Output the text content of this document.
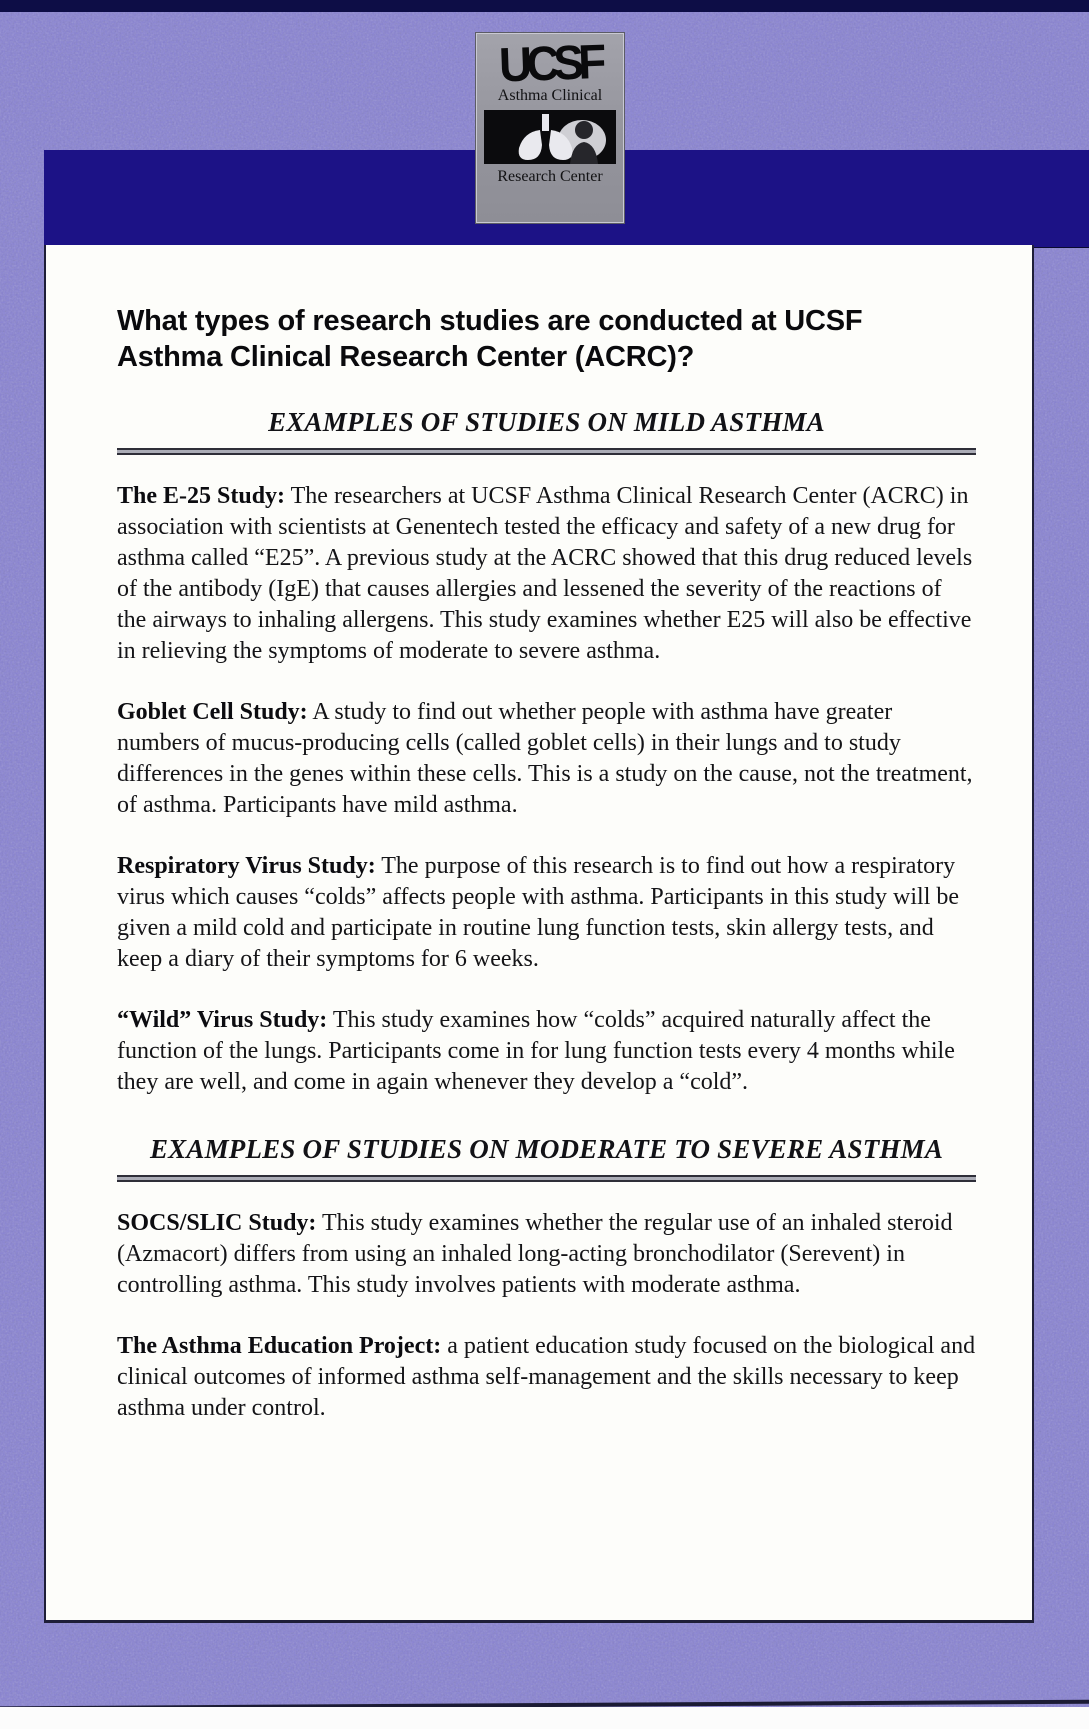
UCSF
Asthma Clinical
Research Center
What types of research studies are conducted at UCSF Asthma Clinical Research Center (ACRC)?
EXAMPLES OF STUDIES ON MILD ASTHMA

The E-25 Study: The researchers at UCSF Asthma Clinical Research Center (ACRC) in association with scientists at Genentech tested the efficacy and safety of a new drug for asthma called “E25”. A previous study at the ACRC showed that this drug reduced levels of the antibody (IgE) that causes allergies and lessened the severity of the reactions of the airways to inhaling allergens. This study examines whether E25 will also be effective in relieving the symptoms of moderate to severe asthma.

Goblet Cell Study: A study to find out whether people with asthma have greater numbers of mucus-producing cells (called goblet cells) in their lungs and to study differences in the genes within these cells. This is a study on the cause, not the treatment, of asthma. Participants have mild asthma.

Respiratory Virus Study: The purpose of this research is to find out how a respiratory virus which causes “colds” affects people with asthma. Participants in this study will be given a mild cold and participate in routine lung function tests, skin allergy tests, and keep a diary of their symptoms for 6 weeks.

“Wild” Virus Study: This study examines how “colds” acquired naturally affect the function of the lungs. Participants come in for lung function tests every 4 months while they are well, and come in again whenever they develop a “cold”.

EXAMPLES OF STUDIES ON MODERATE TO SEVERE ASTHMA

SOCS/SLIC Study: This study examines whether the regular use of an inhaled steroid (Azmacort) differs from using an inhaled long-acting bronchodilator (Serevent) in controlling asthma. This study involves patients with moderate asthma.

The Asthma Education Project: a patient education study focused on the biological and clinical outcomes of informed asthma self-management and the skills necessary to keep asthma under control.
